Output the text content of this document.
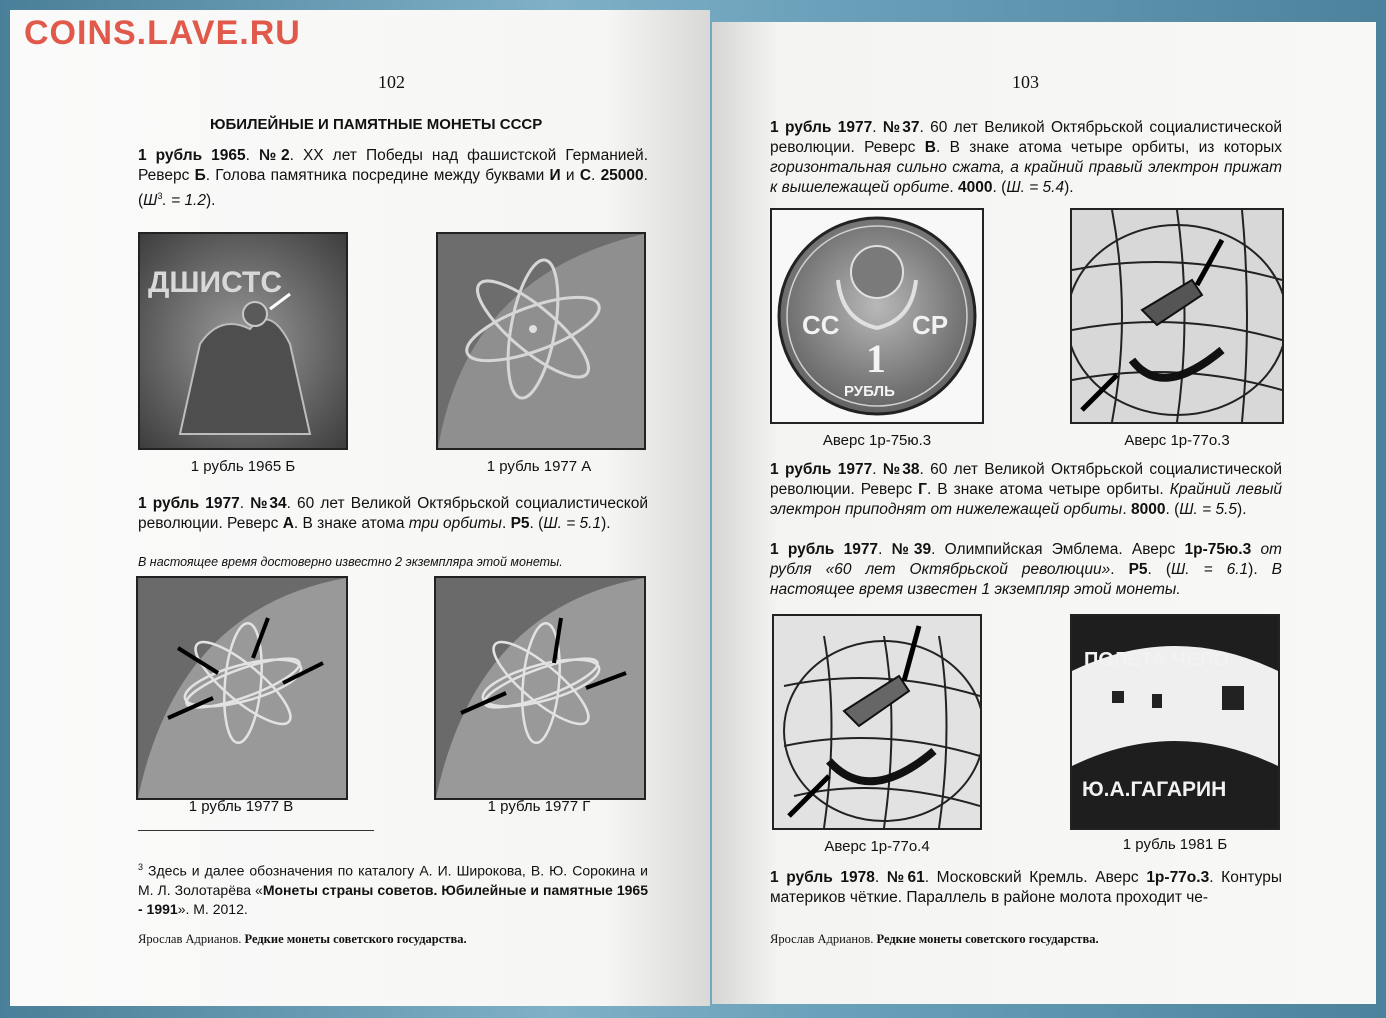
102
ЮБИЛЕЙНЫЕ И ПАМЯТНЫЕ МОНЕТЫ СССР
1 рубль 1965. №2. XX лет Победы над фашистской Германией. Реверс Б. Голова памятника посредине между буквами И и С. 25000. ($Ш^3$. = 1.2).
ДШИСТС
1 рубль 1965 Б	1 рубль 1977 А
1 рубль 1977. №34. 60 лет Великой Октябрьской социалистической революции. Реверс А. В знаке атома три орбиты. Р5. (Ш. = 5.1).
В настоящее время достоверно известно 2 экземпляра этой монеты.
1 рубль 1977 В	1 рубль 1977 Г
$^3$ Здесь и далее обозначения по каталогу А. И. Широкова, В. Ю. Сорокина и М. Л. Золотарёва «Монеты страны советов. Юбилейные и памятные 1965 - 1991». М. 2012.
Ярослав Адрианов. Редкие монеты советского государства.
COINS.LAVE.RU
103
1 рубль 1977. №37. 60 лет Великой Октябрьской социалистической революции. Реверс В. В знаке атома четыре орбиты, из которых горизонтальная сильно сжата, а крайний правый электрон прижат к вышележащей орбите. 4000. (Ш. = 5.4).
СС	СР
1
РУБЛЬ
Аверс 1р-75ю.3	Аверс 1р-77о.3
1 рубль 1977. №38. 60 лет Великой Октябрьской социалистической революции. Реверс Г. В знаке атома четыре орбиты. Крайний левый электрон приподнят от нижележащей орбиты. 8000. (Ш. = 5.5).
1 рубль 1977. №39. Олимпийская Эмблема. Аверс 1р-75ю.3 от рубля «60 лет Октябрьской революции». Р5. (Ш. = 6.1). В настоящее время известен 1 экземпляр этой монеты.
Аверс 1р-77о.4
ПОЛЕТА ЧЕЛО
Ю.А.ГАГАРИН
1 рубль 1981 Б
1 рубль 1978. №61. Московский Кремль. Аверс 1р-77о.3. Контуры материков чёткие. Параллель в районе молота проходит че-
Ярослав Адрианов. Редкие монеты советского государства.
